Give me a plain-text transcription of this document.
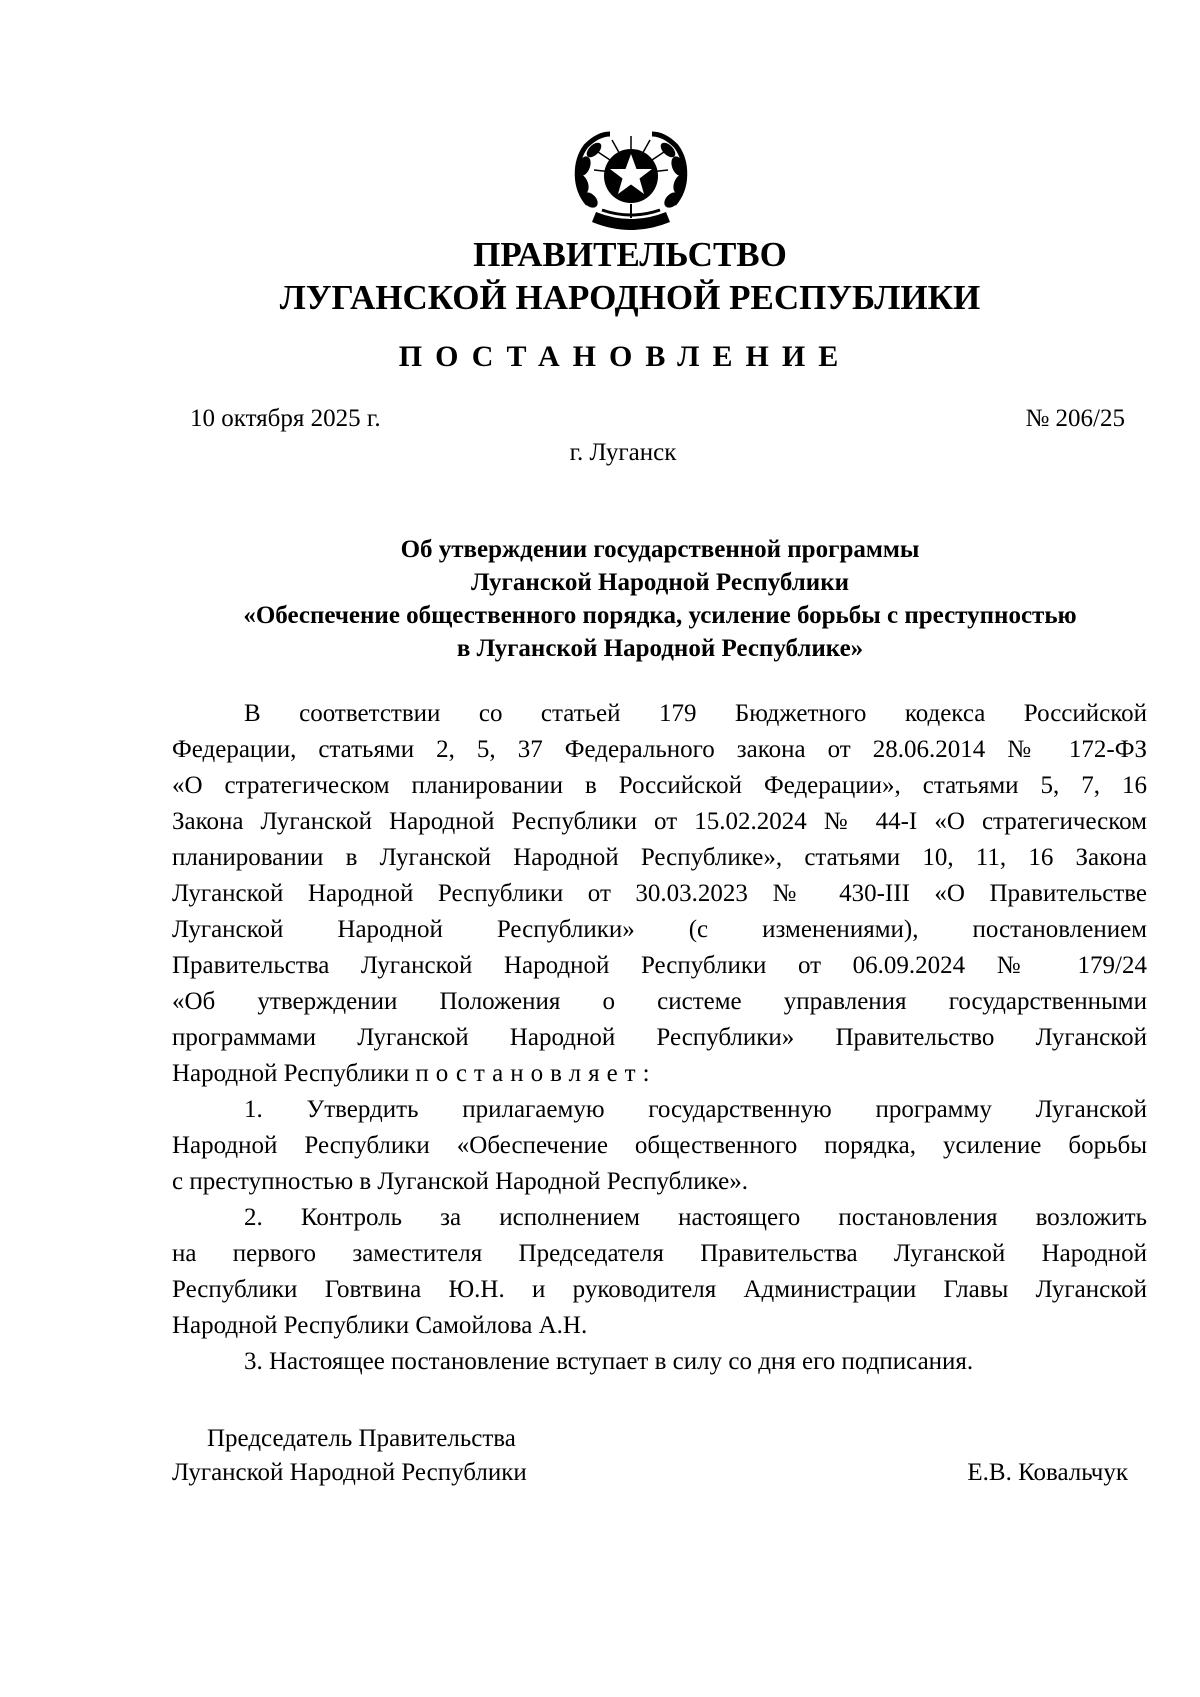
ПРАВИТЕЛЬСТВО
ЛУГАНСКОЙ НАРОДНОЙ РЕСПУБЛИКИ
ПОСТАНОВЛЕНИЕ
10 октября 2025 г.	№ 206/25
г. Луганск
Об утверждении государственной программы
Луганской Народной Республики
«Обеспечение общественного порядка, усиление борьбы с преступностью
в Луганской Народной Республике»
В соответствии со статьей 179 Бюджетного кодекса Российской
Федерации, статьями 2, 5, 37 Федерального закона от 28.06.2014 № 172-ФЗ
«О стратегическом планировании в Российской Федерации», статьями 5, 7, 16
Закона Луганской Народной Республики от 15.02.2024 № 44-I «О стратегическом
планировании в Луганской Народной Республике», статьями 10, 11, 16 Закона
Луганской Народной Республики от 30.03.2023 № 430-III «О Правительстве
Луганской Народной Республики» (с изменениями), постановлением
Правительства Луганской Народной Республики от 06.09.2024 № 179/24
«Об утверждении Положения о системе управления государственными
программами Луганской Народной Республики» Правительство Луганской
Народной Республики постановляет:
1. Утвердить прилагаемую государственную программу Луганской
Народной Республики «Обеспечение общественного порядка, усиление борьбы
с преступностью в Луганской Народной Республике».
2. Контроль за исполнением настоящего постановления возложить
на первого заместителя Председателя Правительства Луганской Народной
Республики Говтвина Ю.Н. и руководителя Администрации Главы Луганской
Народной Республики Самойлова А.Н.
3. Настоящее постановление вступает в силу со дня его подписания.
Председатель Правительства
Луганской Народной Республики	Е.В. Ковальчук
